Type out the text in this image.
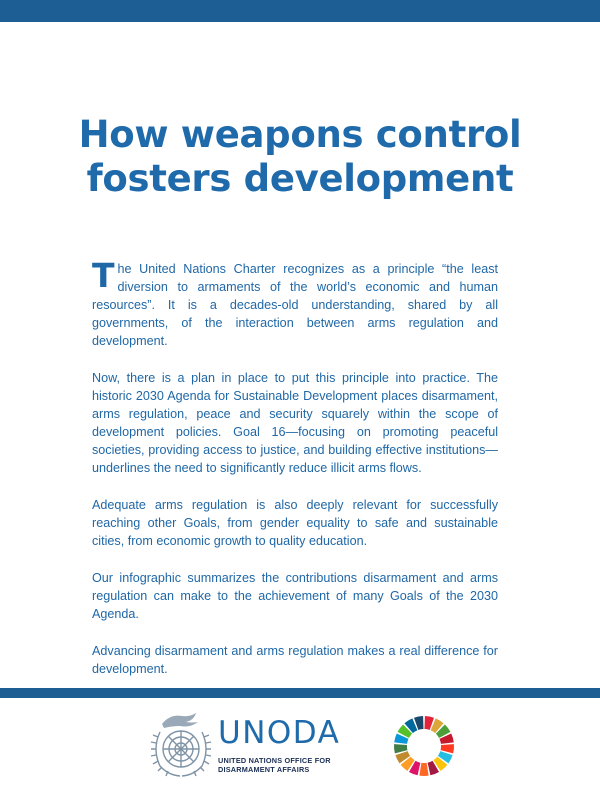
How weapons control fosters development

The United Nations Charter recognizes as a principle “the least diversion to armaments of the world’s economic and human resources”. It is a decades-old understanding, shared by all governments, of the interaction between arms regulation and development.

Now, there is a plan in place to put this principle into practice. The historic 2030 Agenda for Sustainable Development places disarmament, arms regulation, peace and security squarely within the scope of development policies. Goal 16—focusing on promoting peaceful societies, providing access to justice, and building effective institutions—underlines the need to significantly reduce illicit arms flows.

Adequate arms regulation is also deeply relevant for successfully reaching other Goals, from gender equality to safe and sustainable cities, from economic growth to quality education.

Our infographic summarizes the contributions disarmament and arms regulation can make to the achievement of many Goals of the 2030 Agenda.

Advancing disarmament and arms regulation makes a real difference for development.

UNODA
UNITED NATIONS OFFICE FOR
DISARMAMENT AFFAIRS
